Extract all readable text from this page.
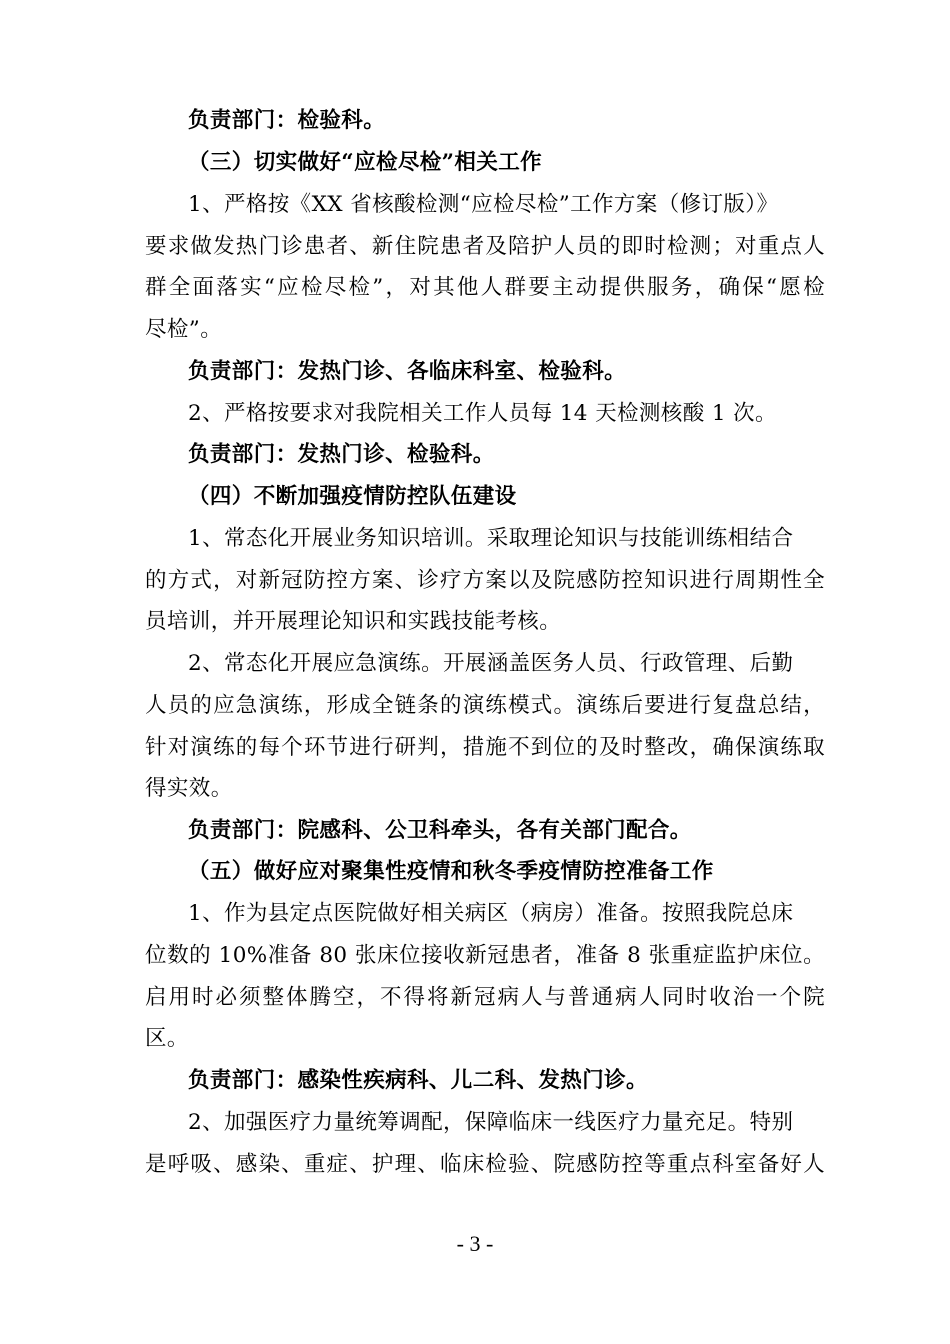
负责部门：检验科。
（三）切实做好“应检尽检”相关工作
1、严格按《XX 省核酸检测“应检尽检”工作方案（修订版）》
要求做发热门诊患者、新住院患者及陪护人员的即时检测；对重点人
群全面落实“应检尽检”，对其他人群要主动提供服务，确保“愿检
尽检”。
负责部门：发热门诊、各临床科室、检验科。
2、严格按要求对我院相关工作人员每 14 天检测核酸 1 次。
负责部门：发热门诊、检验科。
（四）不断加强疫情防控队伍建设
1、常态化开展业务知识培训。采取理论知识与技能训练相结合
的方式，对新冠防控方案、诊疗方案以及院感防控知识进行周期性全
员培训，并开展理论知识和实践技能考核。
2、常态化开展应急演练。开展涵盖医务人员、行政管理、后勤
人员的应急演练，形成全链条的演练模式。演练后要进行复盘总结，
针对演练的每个环节进行研判，措施不到位的及时整改，确保演练取
得实效。
负责部门：院感科、公卫科牵头，各有关部门配合。
（五）做好应对聚集性疫情和秋冬季疫情防控准备工作
1、作为县定点医院做好相关病区（病房）准备。按照我院总床
位数的 10%准备 80 张床位接收新冠患者，准备 8 张重症监护床位。
启用时必须整体腾空，不得将新冠病人与普通病人同时收治一个院
区。
负责部门：感染性疾病科、儿二科、发热门诊。
2、加强医疗力量统筹调配，保障临床一线医疗力量充足。特别
是呼吸、感染、重症、护理、临床检验、院感防控等重点科室备好人
- 3 -
